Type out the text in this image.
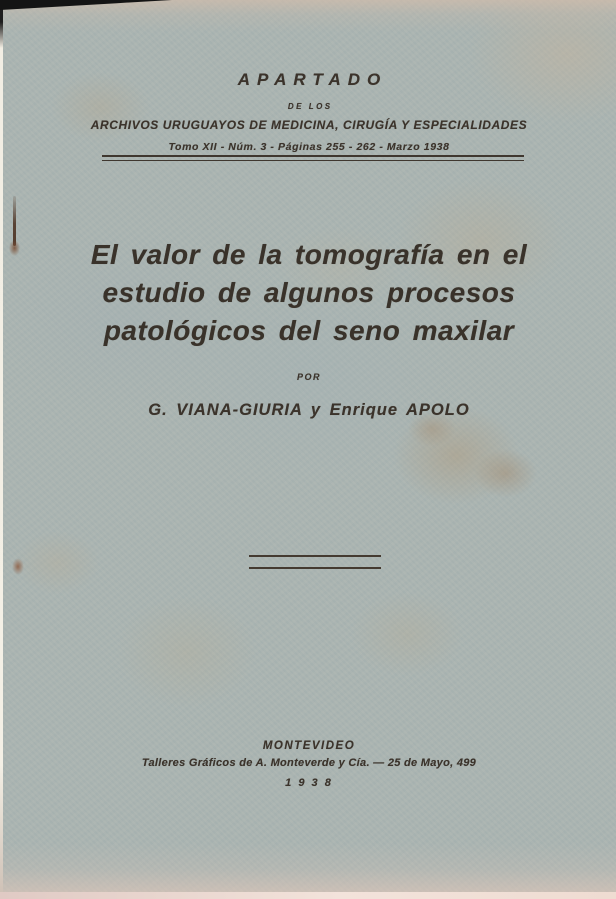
APARTADO
DE LOS
ARCHIVOS URUGUAYOS DE MEDICINA, CIRUGÍA Y ESPECIALIDADES
Tomo XII - Núm. 3 - Páginas 255 - 262 - Marzo 1938
El valor de la tomografía en el
estudio de algunos procesos
patológicos del seno maxilar
POR
G. VIANA-GIURIA y Enrique APOLO
MONTEVIDEO
Talleres Gráficos de A. Monteverde y Cía. — 25 de Mayo, 499
1 9 3 8
